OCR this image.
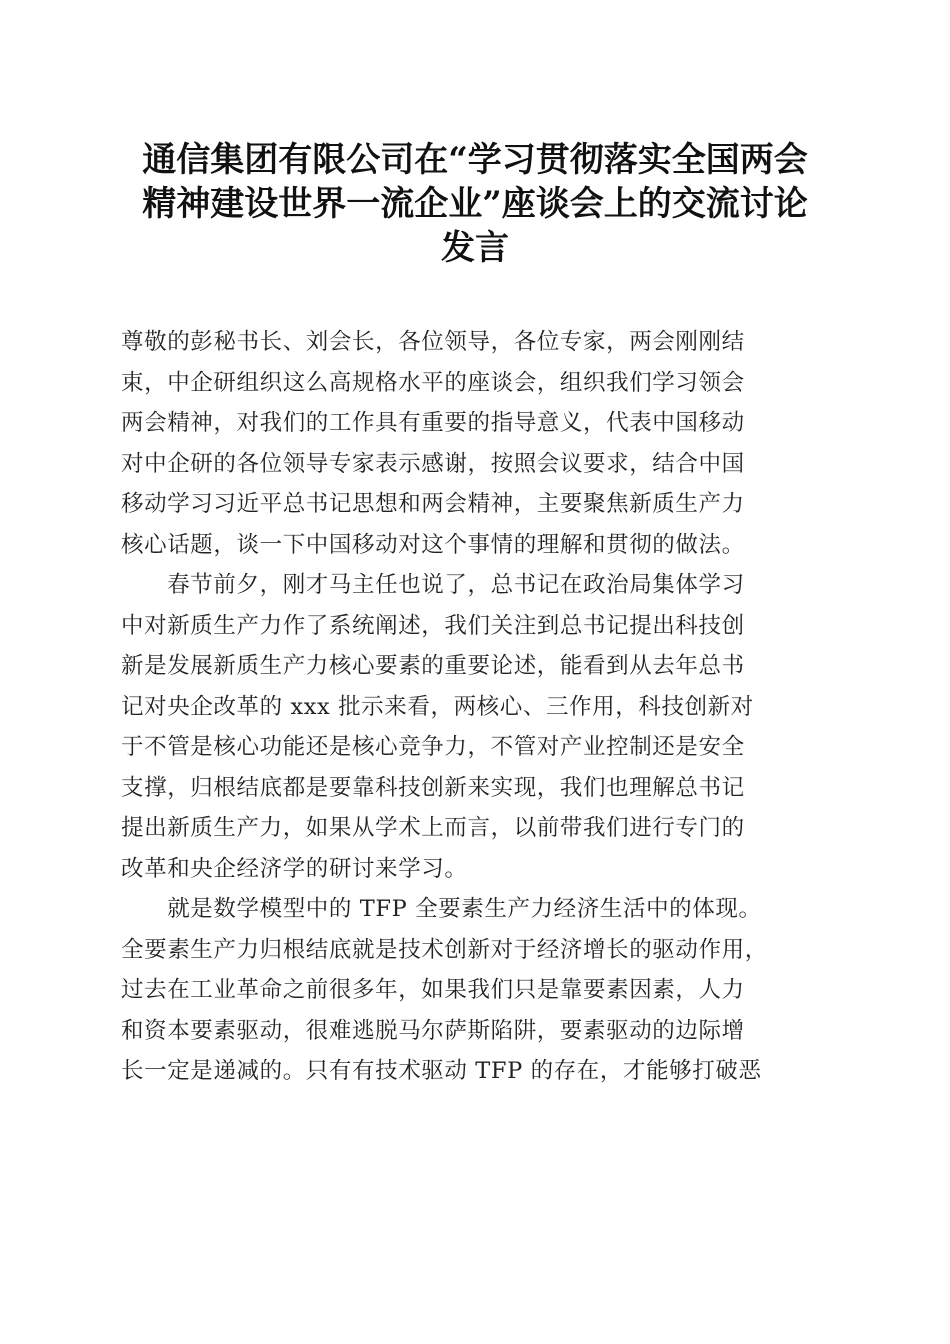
通信集团有限公司在“学习贯彻落实全国两会
精神建设世界一流企业”座谈会上的交流讨论
发言

尊敬的彭秘书长、刘会长，各位领导，各位专家，两会刚刚结
束，中企研组织这么高规格水平的座谈会，组织我们学习领会
两会精神，对我们的工作具有重要的指导意义，代表中国移动
对中企研的各位领导专家表示感谢，按照会议要求，结合中国
移动学习习近平总书记思想和两会精神，主要聚焦新质生产力
核心话题，谈一下中国移动对这个事情的理解和贯彻的做法。

　　春节前夕，刚才马主任也说了，总书记在政治局集体学习
中对新质生产力作了系统阐述，我们关注到总书记提出科技创
新是发展新质生产力核心要素的重要论述，能看到从去年总书
记对央企改革的 xxx 批示来看，两核心、三作用，科技创新对
于不管是核心功能还是核心竞争力，不管对产业控制还是安全
支撑，归根结底都是要靠科技创新来实现，我们也理解总书记
提出新质生产力，如果从学术上而言，以前带我们进行专门的
改革和央企经济学的研讨来学习。

　　就是数学模型中的 TFP 全要素生产力经济生活中的体现。
全要素生产力归根结底就是技术创新对于经济增长的驱动作用，
过去在工业革命之前很多年，如果我们只是靠要素因素，人力
和资本要素驱动，很难逃脱马尔萨斯陷阱，要素驱动的边际增
长一定是递减的。只有有技术驱动 TFP 的存在，才能够打破恶
